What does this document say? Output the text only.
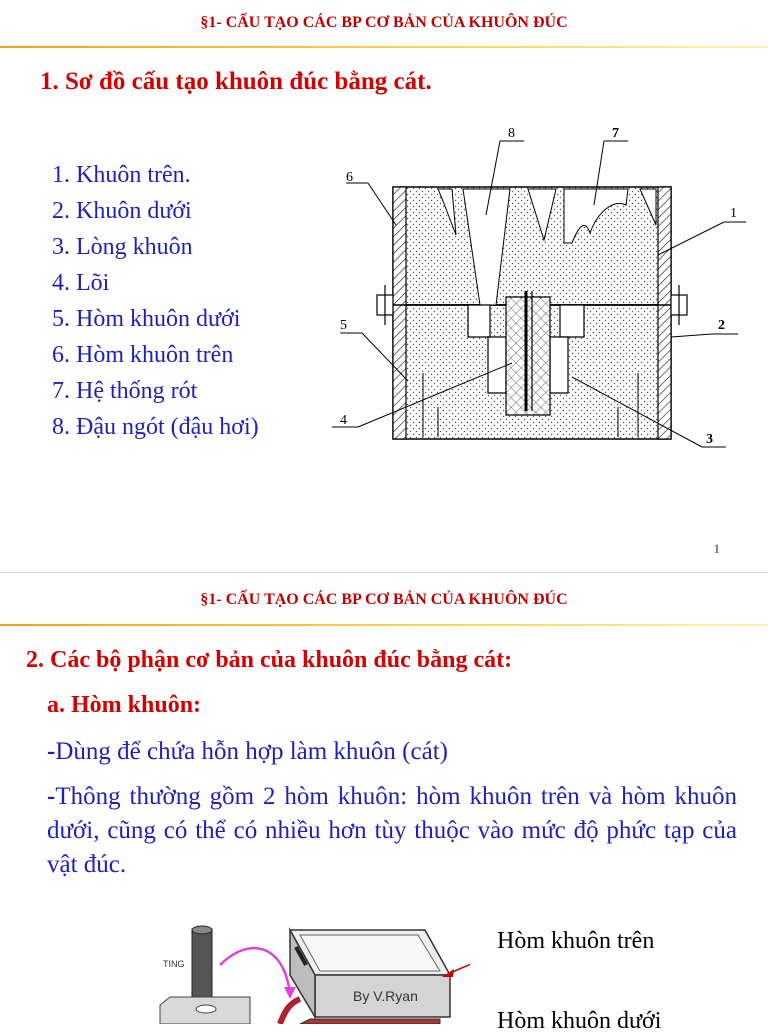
§1- CẤU TẠO CÁC BP CƠ BẢN CỦA KHUÔN ĐÚC
1. Sơ đồ cấu tạo khuôn đúc bằng cát.
1. Khuôn trên.
2. Khuôn dưới
3. Lòng khuôn
4. Lõi
5. Hòm khuôn dưới
6. Hòm khuôn trên
7. Hệ thống rót
8. Đậu ngót (đậu hơi)
6
8	7
1
2
5
4
3
1
§1- CẤU TẠO CÁC BP CƠ BẢN CỦA KHUÔN ĐÚC
2. Các bộ phận cơ bản của khuôn đúc bằng cát:
a. Hòm khuôn:
-Dùng để chứa hỗn hợp làm khuôn (cát)
-Thông thường gồm 2 hòm khuôn: hòm khuôn trên và hòm khuôn dưới, cũng có thể có nhiều hơn tùy thuộc vào mức độ phức tạp của vật đúc.
TING
By V.Ryan
Hòm khuôn trên
Hòm khuôn dưới
